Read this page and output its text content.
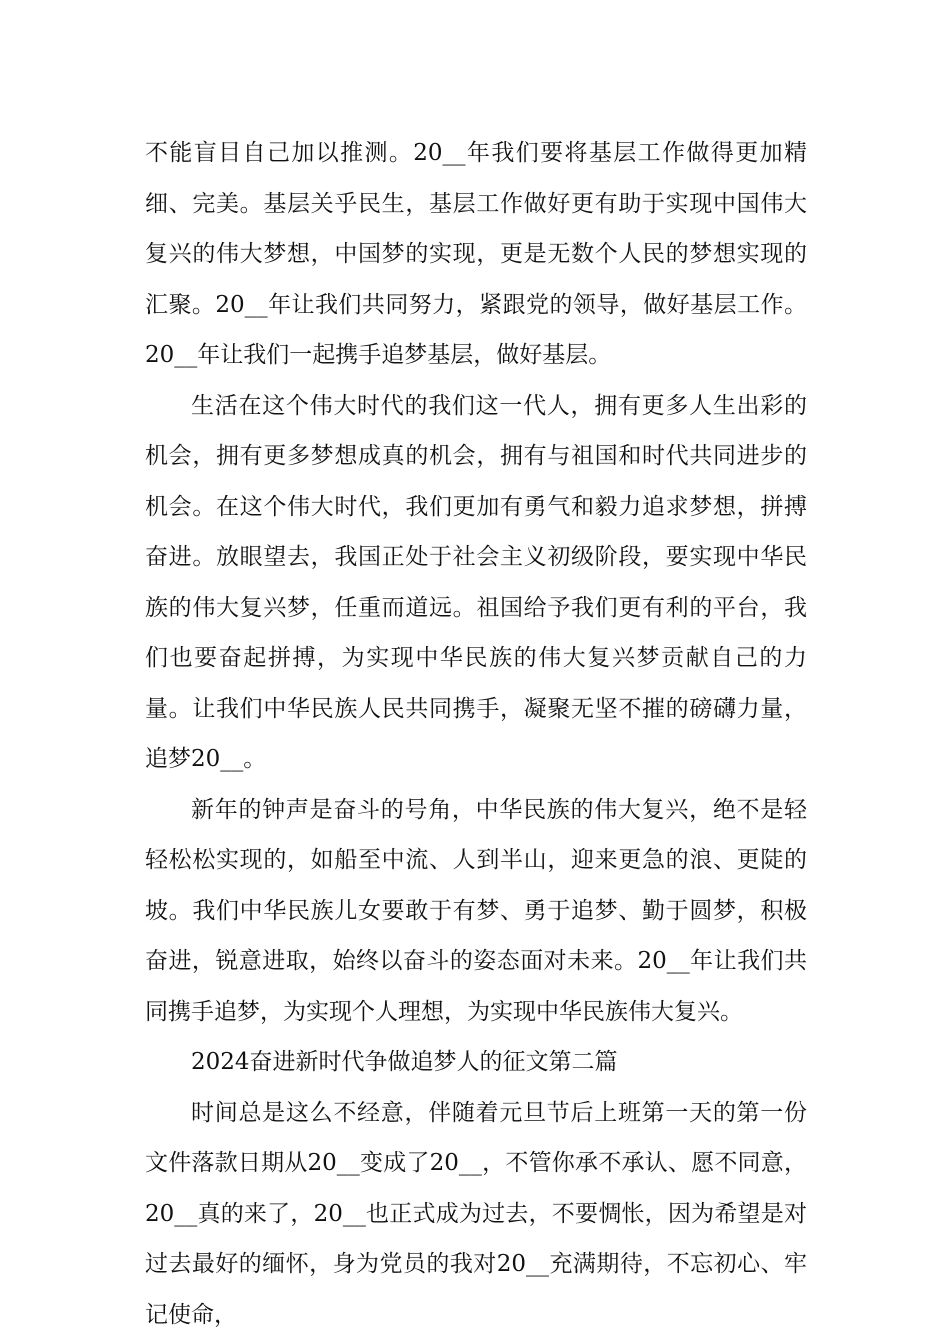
不能盲目自己加以推测。20__年我们要将基层工作做得更加精细、完美。基层关乎民生，基层工作做好更有助于实现中国伟大复兴的伟大梦想，中国梦的实现，更是无数个人民的梦想实现的汇聚。20__年让我们共同努力，紧跟党的领导，做好基层工作。20__年让我们一起携手追梦基层，做好基层。

生活在这个伟大时代的我们这一代人，拥有更多人生出彩的机会，拥有更多梦想成真的机会，拥有与祖国和时代共同进步的机会。在这个伟大时代，我们更加有勇气和毅力追求梦想，拼搏奋进。放眼望去，我国正处于社会主义初级阶段，要实现中华民族的伟大复兴梦，任重而道远。祖国给予我们更有利的平台，我们也要奋起拼搏，为实现中华民族的伟大复兴梦贡献自己的力量。让我们中华民族人民共同携手，凝聚无坚不摧的磅礴力量，追梦20__。

新年的钟声是奋斗的号角，中华民族的伟大复兴，绝不是轻轻松松实现的，如船至中流、人到半山，迎来更急的浪、更陡的坡。我们中华民族儿女要敢于有梦、勇于追梦、勤于圆梦，积极奋进，锐意进取，始终以奋斗的姿态面对未来。20__年让我们共同携手追梦，为实现个人理想，为实现中华民族伟大复兴。

2024奋进新时代争做追梦人的征文第二篇

时间总是这么不经意，伴随着元旦节后上班第一天的第一份文件落款日期从20__变成了20__，不管你承不承认、愿不同意，20__真的来了，20__也正式成为过去，不要惆怅，因为希望是对过去最好的缅怀，身为党员的我对20__充满期待，不忘初心、牢记使命，
